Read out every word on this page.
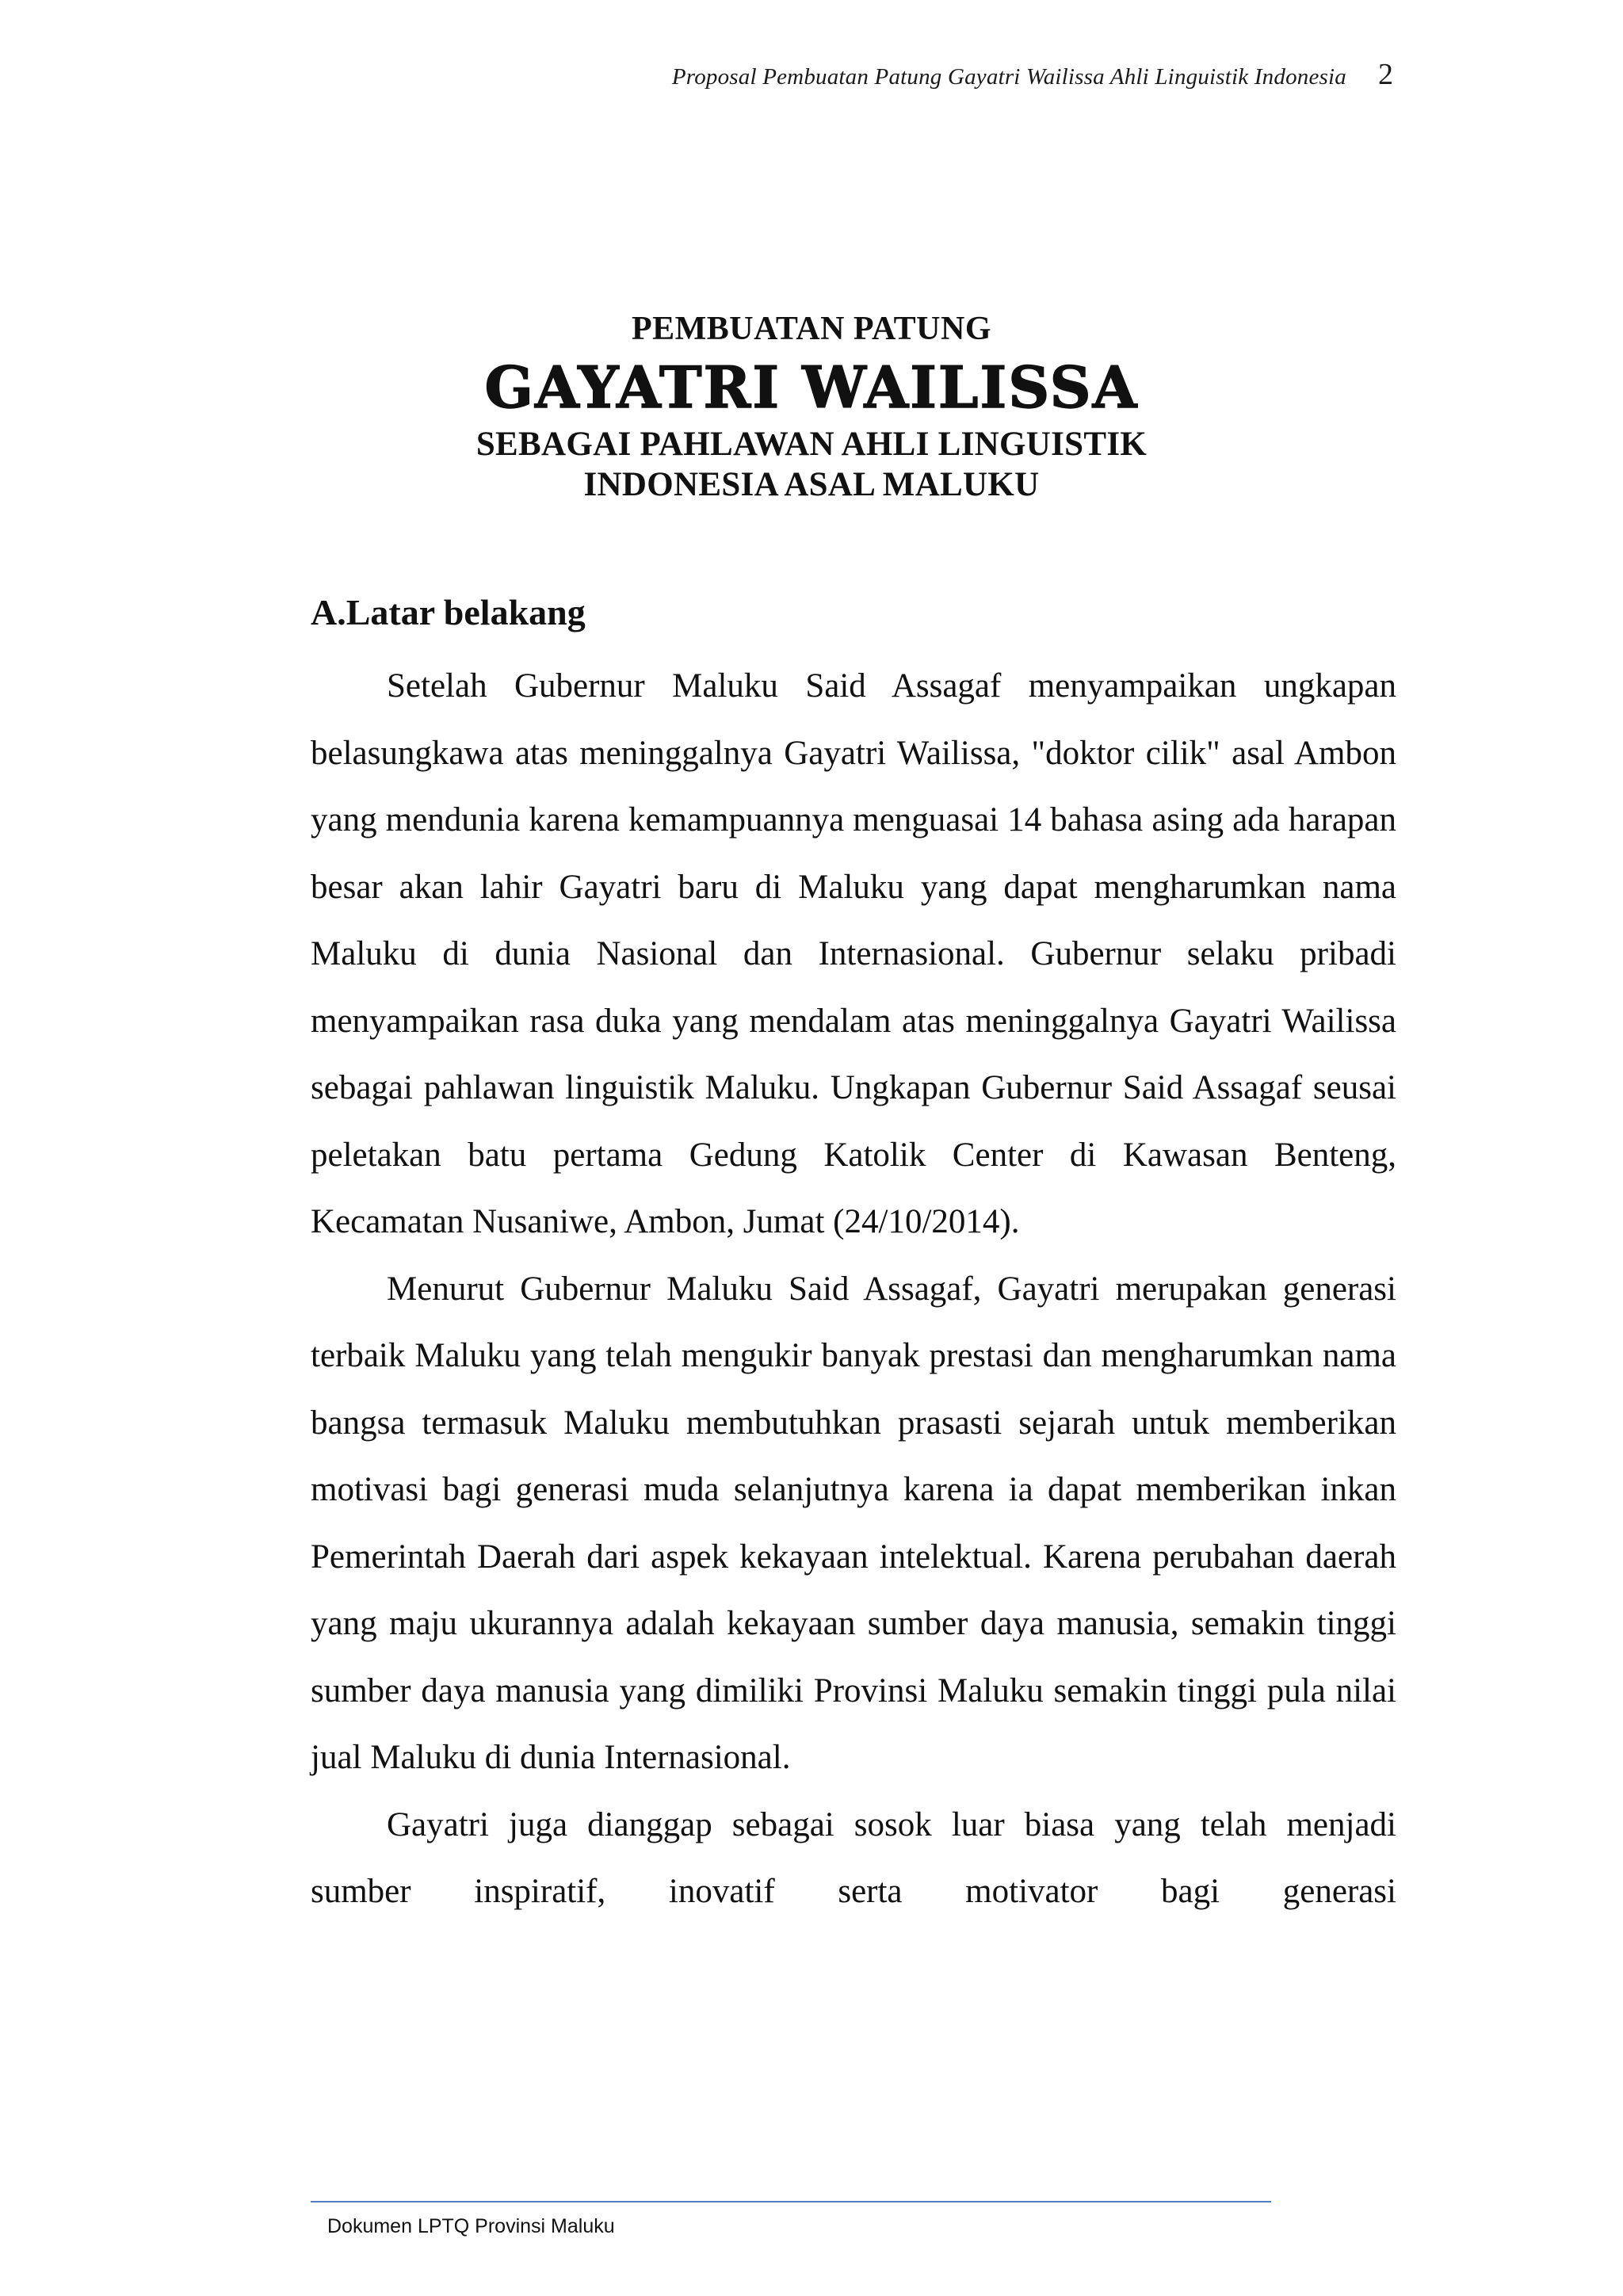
Proposal Pembuatan Patung Gayatri Wailissa Ahli Linguistik Indonesia 2
PEMBUATAN PATUNG
GAYATRI WAILISSA
SEBAGAI PAHLAWAN AHLI LINGUISTIK
INDONESIA ASAL MALUKU
A.Latar belakang

Setelah Gubernur Maluku Said Assagaf menyampaikan ungkapan belasungkawa atas meninggalnya Gayatri Wailissa, "doktor cilik" asal Ambon yang mendunia karena kemampuannya menguasai 14 bahasa asing ada harapan besar akan lahir Gayatri baru di Maluku yang dapat mengharumkan nama Maluku di dunia Nasional dan Internasional. Gubernur selaku pribadi menyampaikan rasa duka yang mendalam atas meninggalnya Gayatri Wailissa sebagai pahlawan linguistik Maluku. Ungkapan Gubernur Said Assagaf seusai peletakan batu pertama Gedung Katolik Center di Kawasan Benteng, Kecamatan Nusaniwe, Ambon, Jumat (24/10/2014).

Menurut Gubernur Maluku Said Assagaf, Gayatri merupakan generasi terbaik Maluku yang telah mengukir banyak prestasi dan mengharumkan nama bangsa termasuk Maluku membutuhkan prasasti sejarah untuk memberikan motivasi bagi generasi muda selanjutnya karena ia dapat memberikan inkan Pemerintah Daerah dari aspek kekayaan intelektual. Karena perubahan daerah yang maju ukurannya adalah kekayaan sumber daya manusia, semakin tinggi sumber daya manusia yang dimiliki Provinsi Maluku semakin tinggi pula nilai jual Maluku di dunia Internasional.

Gayatri juga dianggap sebagai sosok luar biasa yang telah menjadi sumber inspiratif, inovatif serta motivator bagi generasi

Dokumen LPTQ Provinsi Maluku
